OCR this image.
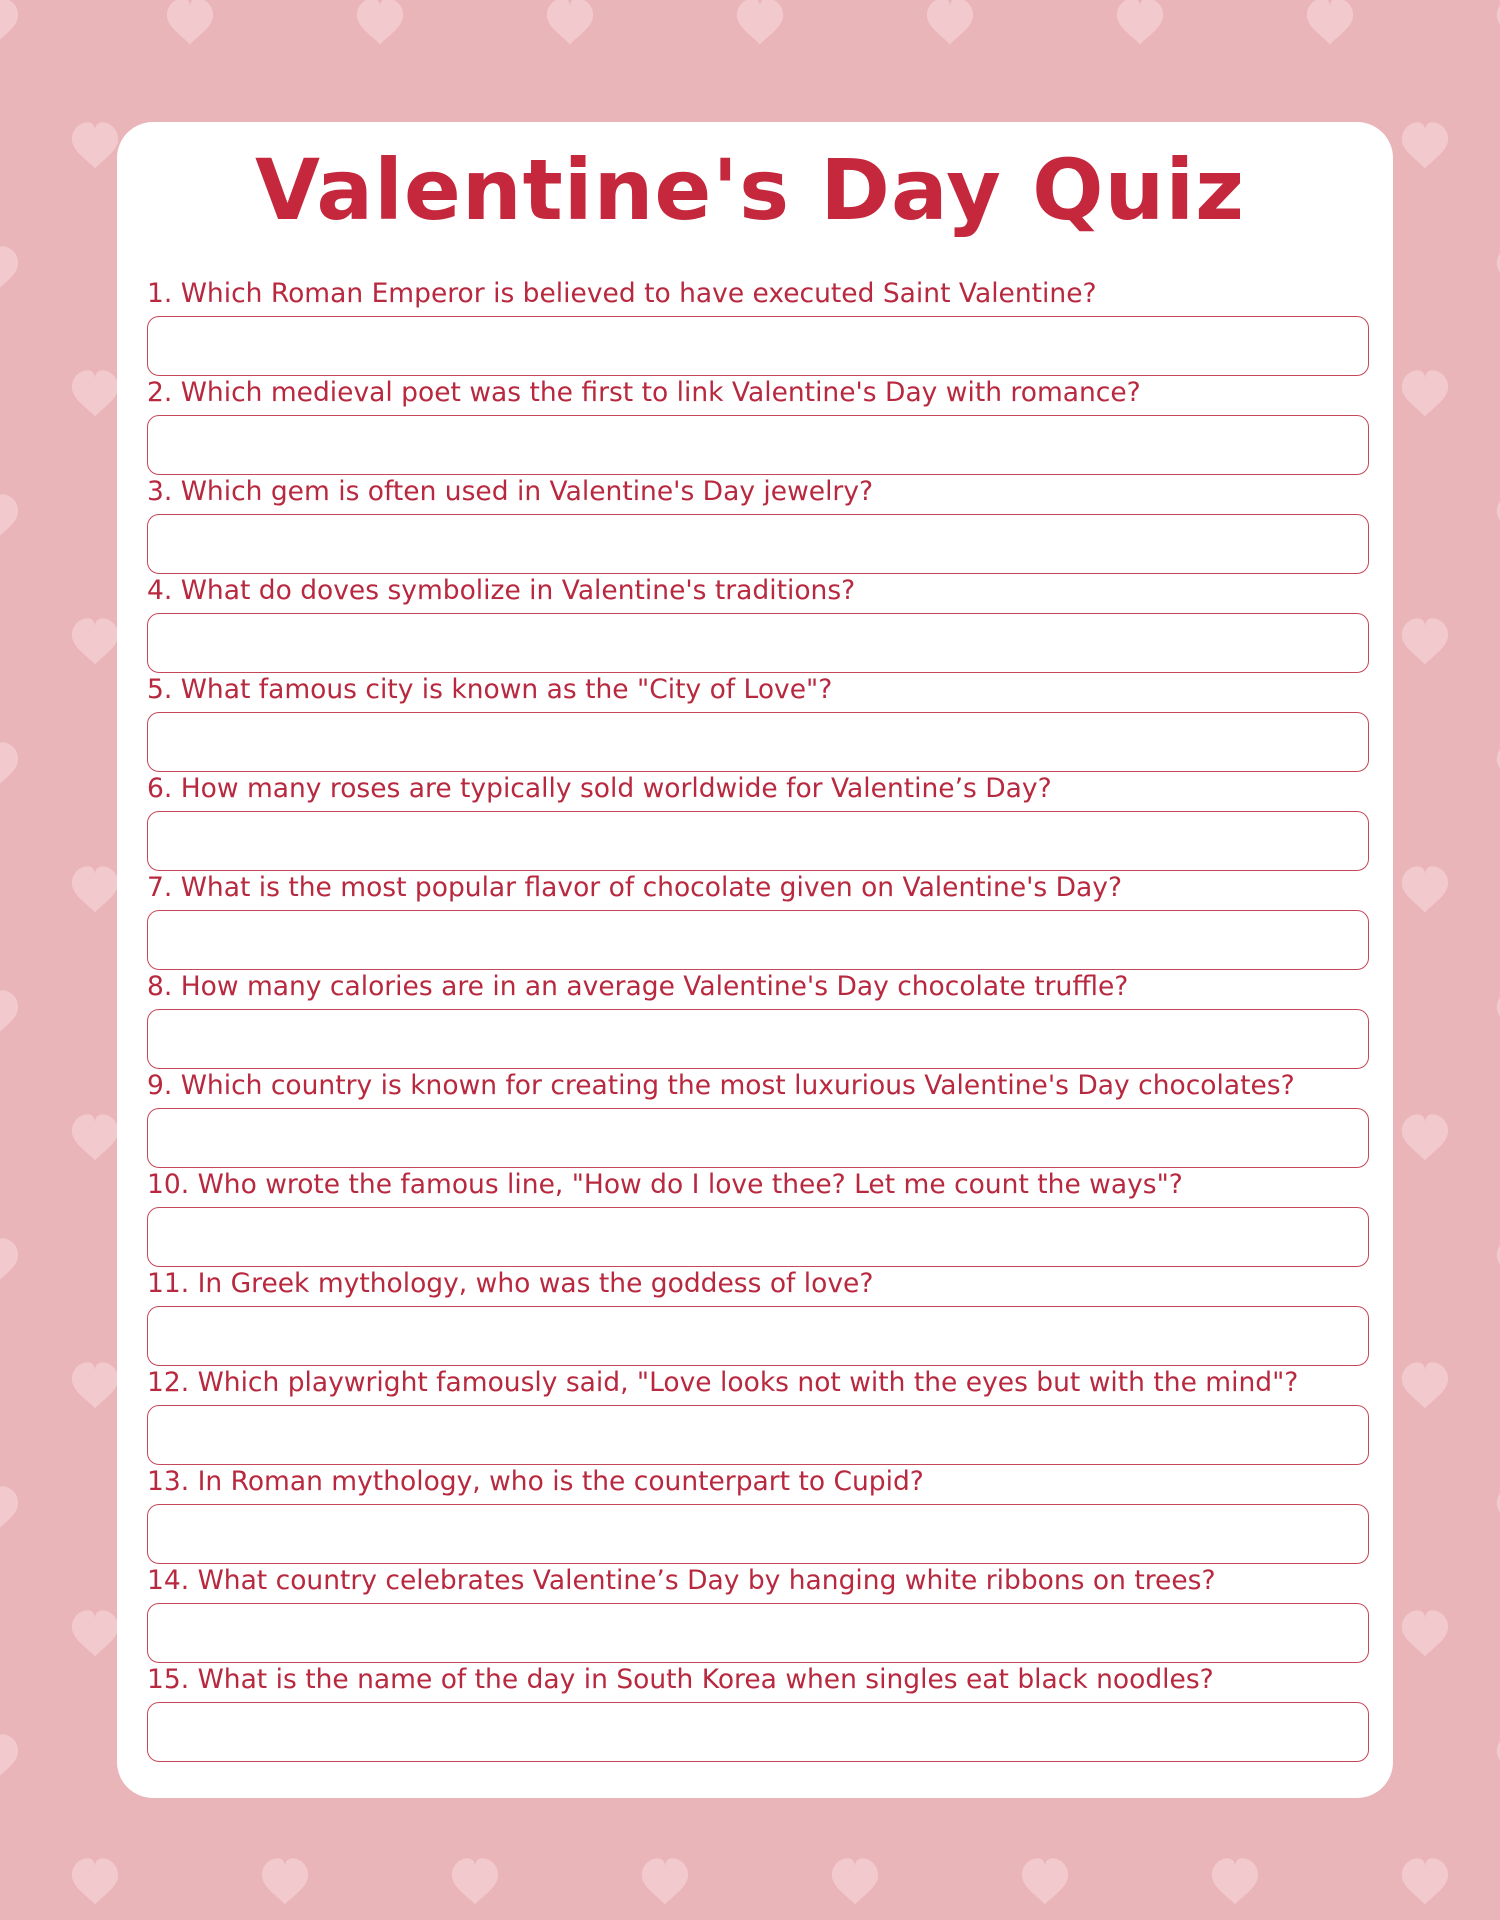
Valentine's Day Quiz
1. Which Roman Emperor is believed to have executed Saint Valentine?
2. Which medieval poet was the first to link Valentine's Day with romance?
3. Which gem is often used in Valentine's Day jewelry?
4. What do doves symbolize in Valentine's traditions?
5. What famous city is known as the "City of Love"?
6. How many roses are typically sold worldwide for Valentine’s Day?
7. What is the most popular flavor of chocolate given on Valentine's Day?
8. How many calories are in an average Valentine's Day chocolate truffle?
9. Which country is known for creating the most luxurious Valentine's Day chocolates?
10. Who wrote the famous line, "How do I love thee? Let me count the ways"?
11. In Greek mythology, who was the goddess of love?
12. Which playwright famously said, "Love looks not with the eyes but with the mind"?
13. In Roman mythology, who is the counterpart to Cupid?
14. What country celebrates Valentine’s Day by hanging white ribbons on trees?
15. What is the name of the day in South Korea when singles eat black noodles?
